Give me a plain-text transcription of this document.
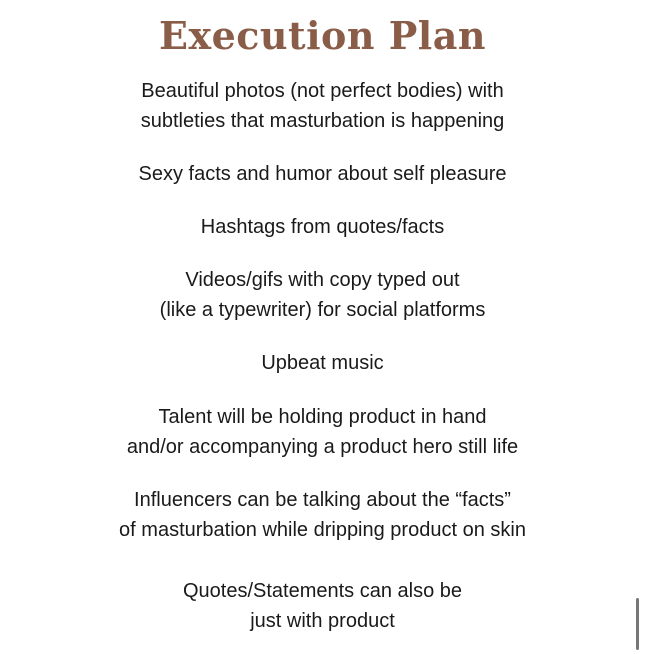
Execution Plan
Beautiful photos (not perfect bodies) with
subtleties that masturbation is happening
Sexy facts and humor about self pleasure
Hashtags from quotes/facts
Videos/gifs with copy typed out
(like a typewriter) for social platforms
Upbeat music
Talent will be holding product in hand
and/or accompanying a product hero still life
Influencers can be talking about the “facts”
of masturbation while dripping product on skin
Quotes/Statements can also be
just with product
